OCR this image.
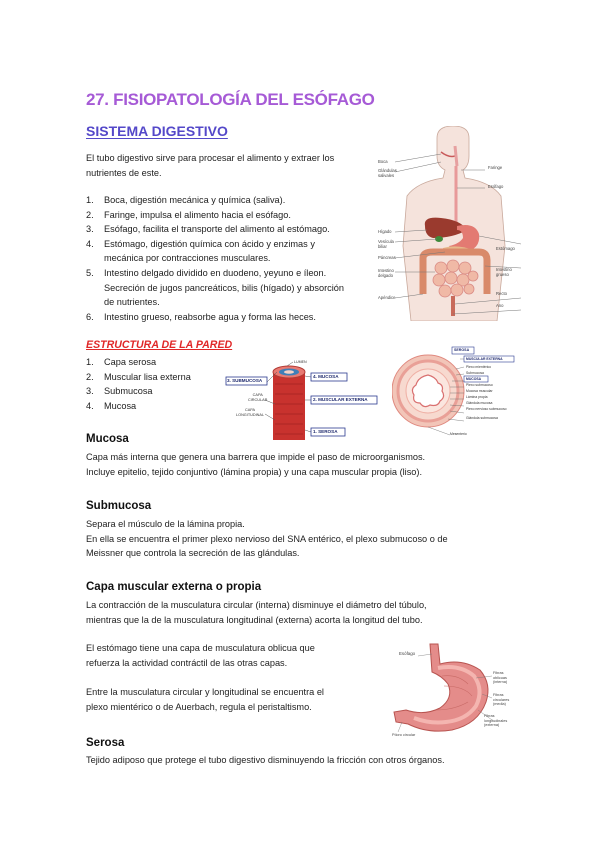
27. FISIOPATOLOGÍA DEL ESÓFAGO
SISTEMA DIGESTIVO
El tubo digestivo sirve para procesar el alimento y extraer los
nutrientes de este.
1. Boca, digestión mecánica y química (saliva).
2. Faringe, impulsa el alimento hacia el esófago.
3. Esófago, facilita el transporte del alimento al estómago.
4. Estómago, digestión química con ácido y enzimas y
mecánica por contracciones musculares.
5. Intestino delgado dividido en duodeno, yeyuno e íleon.
Secreción de jugos pancreáticos, bilis (hígado) y absorción
de nutrientes.
6. Intestino grueso, reabsorbe agua y forma las heces.
Boca
Glándulas salivales
Hígado
Vesícula biliar
Páncreas
Intestino delgado
Apéndice
Faringe
Esófago
Estómago
Intestino grueso
Recto
Ano
ESTRUCTURA DE LA PARED
1. Capa serosa
2. Muscular lisa externa
3. Submucosa
4. Mucosa
3. SUBMUCOSA
4. MUCOSA
2. MUSCULAR EXTERNA
1. SEROSA
LUMEN
CAPA
CIRCULAR
CAPA
LONGITUDINAL
SEROSA
MUSCULAR EXTERNA
Plexo mientérico
Submucosa
MUCOSA
Plexo submucoso
Mucosa muscular
Lámina propia
Glándula mucosa
Plexo nervioso submucoso
Glándula submucosa
Mesenterio
Mucosa
Capa más interna que genera una barrera que impide el paso de microorganismos.
Incluye epitelio, tejido conjuntivo (lámina propia) y una capa muscular propia (liso).
Submucosa
Separa el músculo de la lámina propia.
En ella se encuentra el primer plexo nervioso del SNA entérico, el plexo submucoso o de
Meissner que controla la secreción de las glándulas.
Capa muscular externa o propia
La contracción de la musculatura circular (interna) disminuye el diámetro del túbulo,
mientras que la de la musculatura longitudinal (externa) acorta la longitud del tubo.
El estómago tiene una capa de musculatura oblicua que
refuerza la actividad contráctil de las otras capas.
Entre la musculatura circular y longitudinal se encuentra el
plexo mientérico o de Auerbach, regula el peristaltismo.
Esófago
Fibras
oblicuas
(interna)
Fibras
circulares
(media)
Fibras
longitudinales
(externa)
Píloro circular
Serosa
Tejido adiposo que protege el tubo digestivo disminuyendo la fricción con otros órganos.
